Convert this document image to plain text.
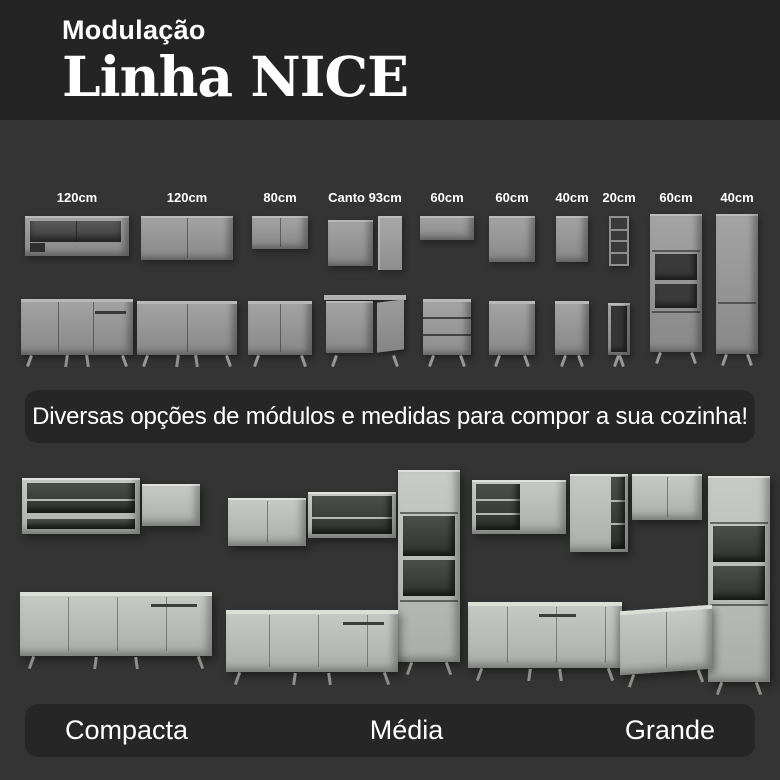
Modulação
Linha NICE
120cm	120cm	80cm	Canto 93cm	60cm	60cm	40cm	20cm	60cm	40cm
Diversas opções de módulos e medidas para compor a sua cozinha!
Compacta	Média	Grande
